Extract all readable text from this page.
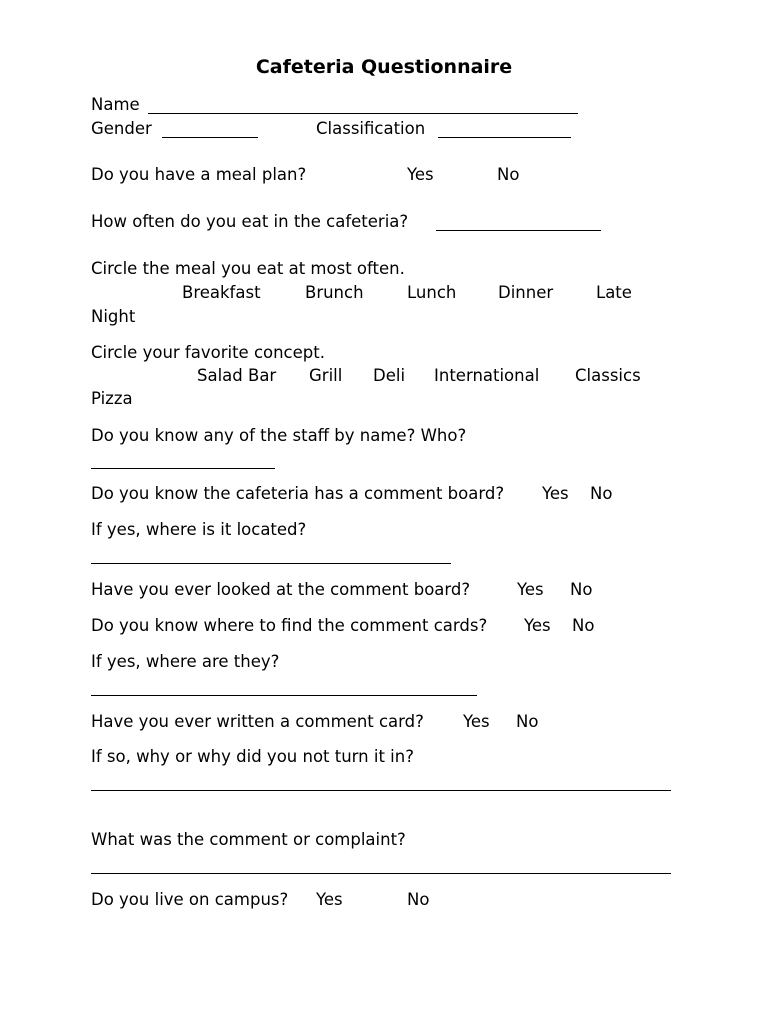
Cafeteria Questionnaire
Name
Gender	Classification
Do you have a meal plan?	Yes	No
How often do you eat in the cafeteria?
Circle the meal you eat at most often.
Breakfast	Brunch	Lunch	Dinner	Late
Night
Circle your favorite concept.
Salad Bar Grill Deli International Classics
Pizza
Do you know any of the staff by name? Who?
Do you know the cafeteria has a comment board? Yes No
If yes, where is it located?
Have you ever looked at the comment board?	Yes No
Do you know where to find the comment cards? Yes No
If yes, where are they?
Have you ever written a comment card? Yes No
If so, why or why did you not turn it in?
What was the comment or complaint?
Do you live on campus? Yes	No
